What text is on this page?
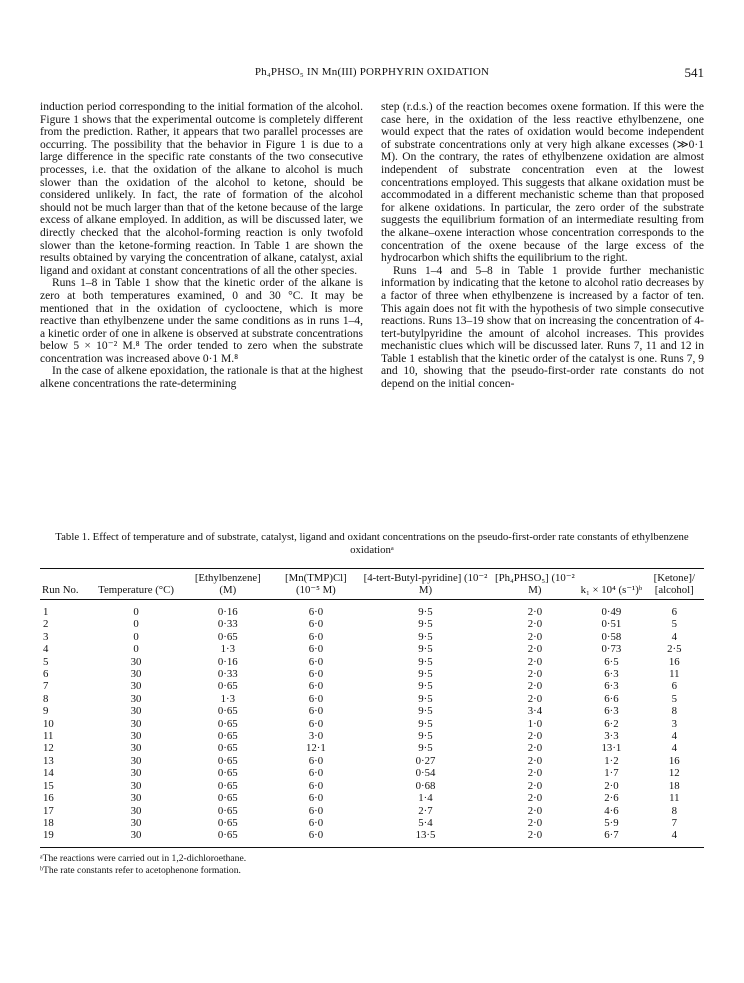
Ph₄PHSO₅ IN Mn(III) PORPHYRIN OXIDATION	541

induction period corresponding to the initial formation of the alcohol. Figure 1 shows that the experimental outcome is completely different from the prediction. Rather, it appears that two parallel processes are occurring. The possibility that the behavior in Figure 1 is due to a large difference in the specific rate constants of the two consecutive processes, i.e. that the oxidation of the alkane to alcohol is much slower than the oxidation of the alcohol to ketone, should be considered unlikely. In fact, the rate of formation of the alcohol should not be much larger than that of the ketone because of the large excess of alkane employed. In addition, as will be discussed later, we directly checked that the alcohol-forming reaction is only twofold slower than the ketone-forming reaction. In Table 1 are shown the results obtained by varying the concentration of alkane, catalyst, axial ligand and oxidant at constant concentrations of all the other species.

Runs 1–8 in Table 1 show that the kinetic order of the alkane is zero at both temperatures examined, 0 and 30 °C. It may be mentioned that in the oxidation of cyclooctene, which is more reactive than ethylbenzene under the same conditions as in runs 1–4, a kinetic order of one in alkene is observed at substrate concentrations below 5 × 10⁻² M.⁸ The order tended to zero when the substrate concentration was increased above 0·1 M.⁸

In the case of alkene epoxidation, the rationale is that at the highest alkene concentrations the rate-determining

step (r.d.s.) of the reaction becomes oxene formation. If this were the case here, in the oxidation of the less reactive ethylbenzene, one would expect that the rates of oxidation would become independent of substrate concentrations only at very high alkane excesses (≫0·1 M). On the contrary, the rates of ethylbenzene oxidation are almost independent of substrate concentration even at the lowest concentrations employed. This suggests that alkane oxidation must be accommodated in a different mechanistic scheme than that proposed for alkene oxidations. In particular, the zero order of the substrate suggests the equilibrium formation of an intermediate resulting from the alkane–oxene interaction whose concentration corresponds to the concentration of the oxene because of the large excess of the hydrocarbon which shifts the equilibrium to the right.

Runs 1–4 and 5–8 in Table 1 provide further mechanistic information by indicating that the ketone to alcohol ratio decreases by a factor of three when ethylbenzene is increased by a factor of ten. This again does not fit with the hypothesis of two simple consecutive reactions. Runs 13–19 show that on increasing the concentration of 4-tert-butylpyridine the amount of alcohol increases. This provides mechanistic clues which will be discussed later. Runs 7, 11 and 12 in Table 1 establish that the kinetic order of the catalyst is one. Runs 7, 9 and 10, showing that the pseudo-first-order rate constants do not depend on the initial concen-

Table 1. Effect of temperature and of substrate, catalyst, ligand and oxidant concentrations on the pseudo-first-order rate constants of ethylbenzene oxidationᵃ
Run No.	Temperature (°C)	[Ethylbenzene] (M)	[Mn(TMP)Cl] (10⁻⁵ M)	[4-tert-Butyl-pyridine] (10⁻² M)	[Ph₄PHSO₅] (10⁻² M)	k₁ × 10⁴ (s⁻¹)ᵇ	[Ketone]/ [alcohol]
1	0	0·16	6·0	9·5	2·0	0·49	6
2	0	0·33	6·0	9·5	2·0	0·51	5
3	0	0·65	6·0	9·5	2·0	0·58	4
4	0	1·3	6·0	9·5	2·0	0·73	2·5
5	30	0·16	6·0	9·5	2·0	6·5	16
6	30	0·33	6·0	9·5	2·0	6·3	11
7	30	0·65	6·0	9·5	2·0	6·3	6
8	30	1·3	6·0	9·5	2·0	6·6	5
9	30	0·65	6·0	9·5	3·4	6·3	8
10	30	0·65	6·0	9·5	1·0	6·2	3
11	30	0·65	3·0	9·5	2·0	3·3	4
12	30	0·65	12·1	9·5	2·0	13·1	4
13	30	0·65	6·0	0·27	2·0	1·2	16
14	30	0·65	6·0	0·54	2·0	1·7	12
15	30	0·65	6·0	0·68	2·0	2·0	18
16	30	0·65	6·0	1·4	2·0	2·6	11
17	30	0·65	6·0	2·7	2·0	4·6	8
18	30	0·65	6·0	5·4	2·0	5·9	7
19	30	0·65	6·0	13·5	2·0	6·7	4
ᵃThe reactions were carried out in 1,2-dichloroethane.
ᵇThe rate constants refer to acetophenone formation.
